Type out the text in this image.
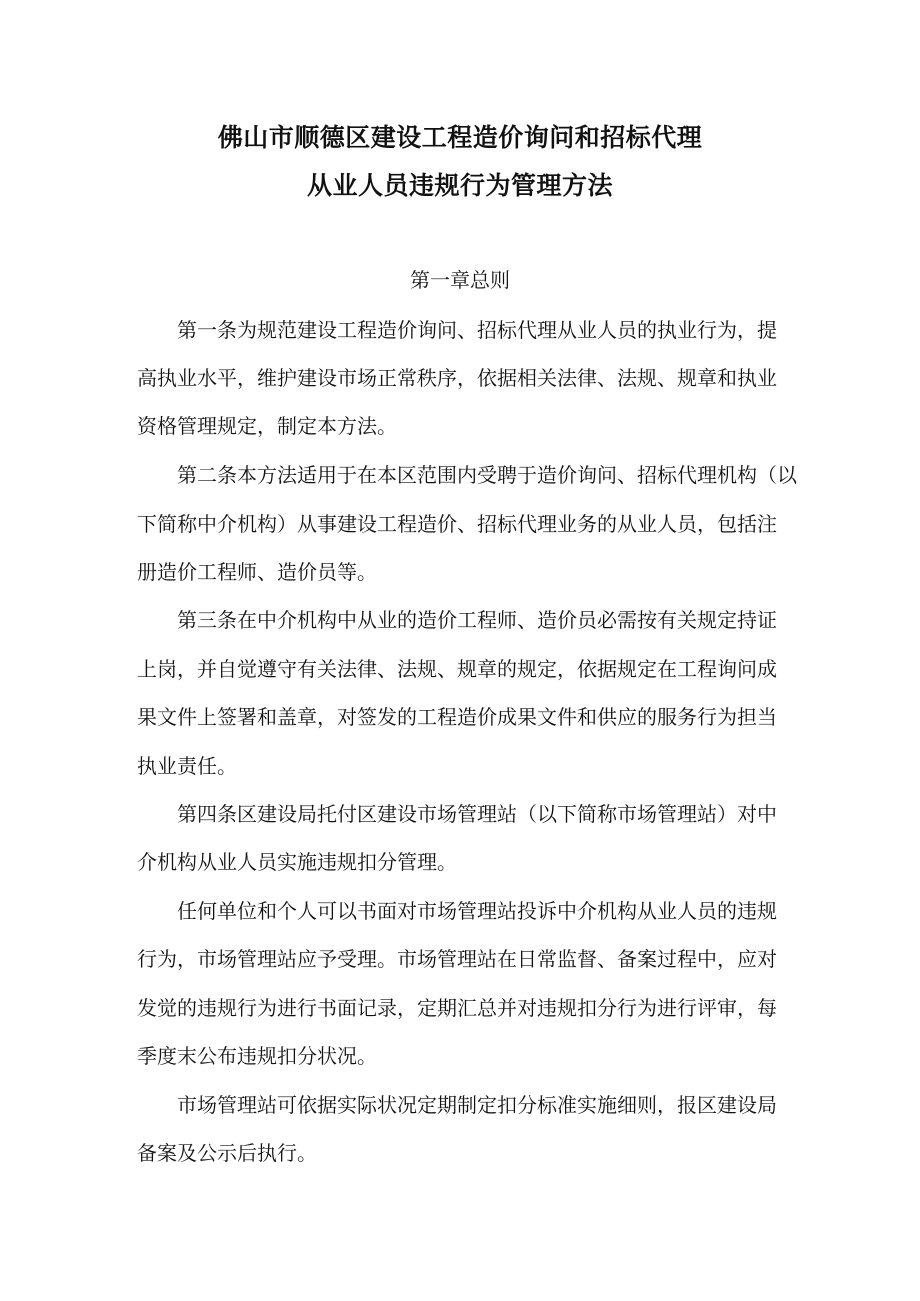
佛山市顺德区建设工程造价询问和招标代理
从业人员违规行为管理方法
第一章总则
第一条为规范建设工程造价询问、招标代理从业人员的执业行为，提
高执业水平，维护建设市场正常秩序，依据相关法律、法规、规章和执业
资格管理规定，制定本方法。
第二条本方法适用于在本区范围内受聘于造价询问、招标代理机构（以
下简称中介机构）从事建设工程造价、招标代理业务的从业人员，包括注
册造价工程师、造价员等。
第三条在中介机构中从业的造价工程师、造价员必需按有关规定持证
上岗，并自觉遵守有关法律、法规、规章的规定，依据规定在工程询问成
果文件上签署和盖章，对签发的工程造价成果文件和供应的服务行为担当
执业责任。
第四条区建设局托付区建设市场管理站（以下简称市场管理站）对中
介机构从业人员实施违规扣分管理。
任何单位和个人可以书面对市场管理站投诉中介机构从业人员的违规
行为，市场管理站应予受理。市场管理站在日常监督、备案过程中，应对
发觉的违规行为进行书面记录，定期汇总并对违规扣分行为进行评审，每
季度末公布违规扣分状况。
市场管理站可依据实际状况定期制定扣分标准实施细则，报区建设局
备案及公示后执行。
